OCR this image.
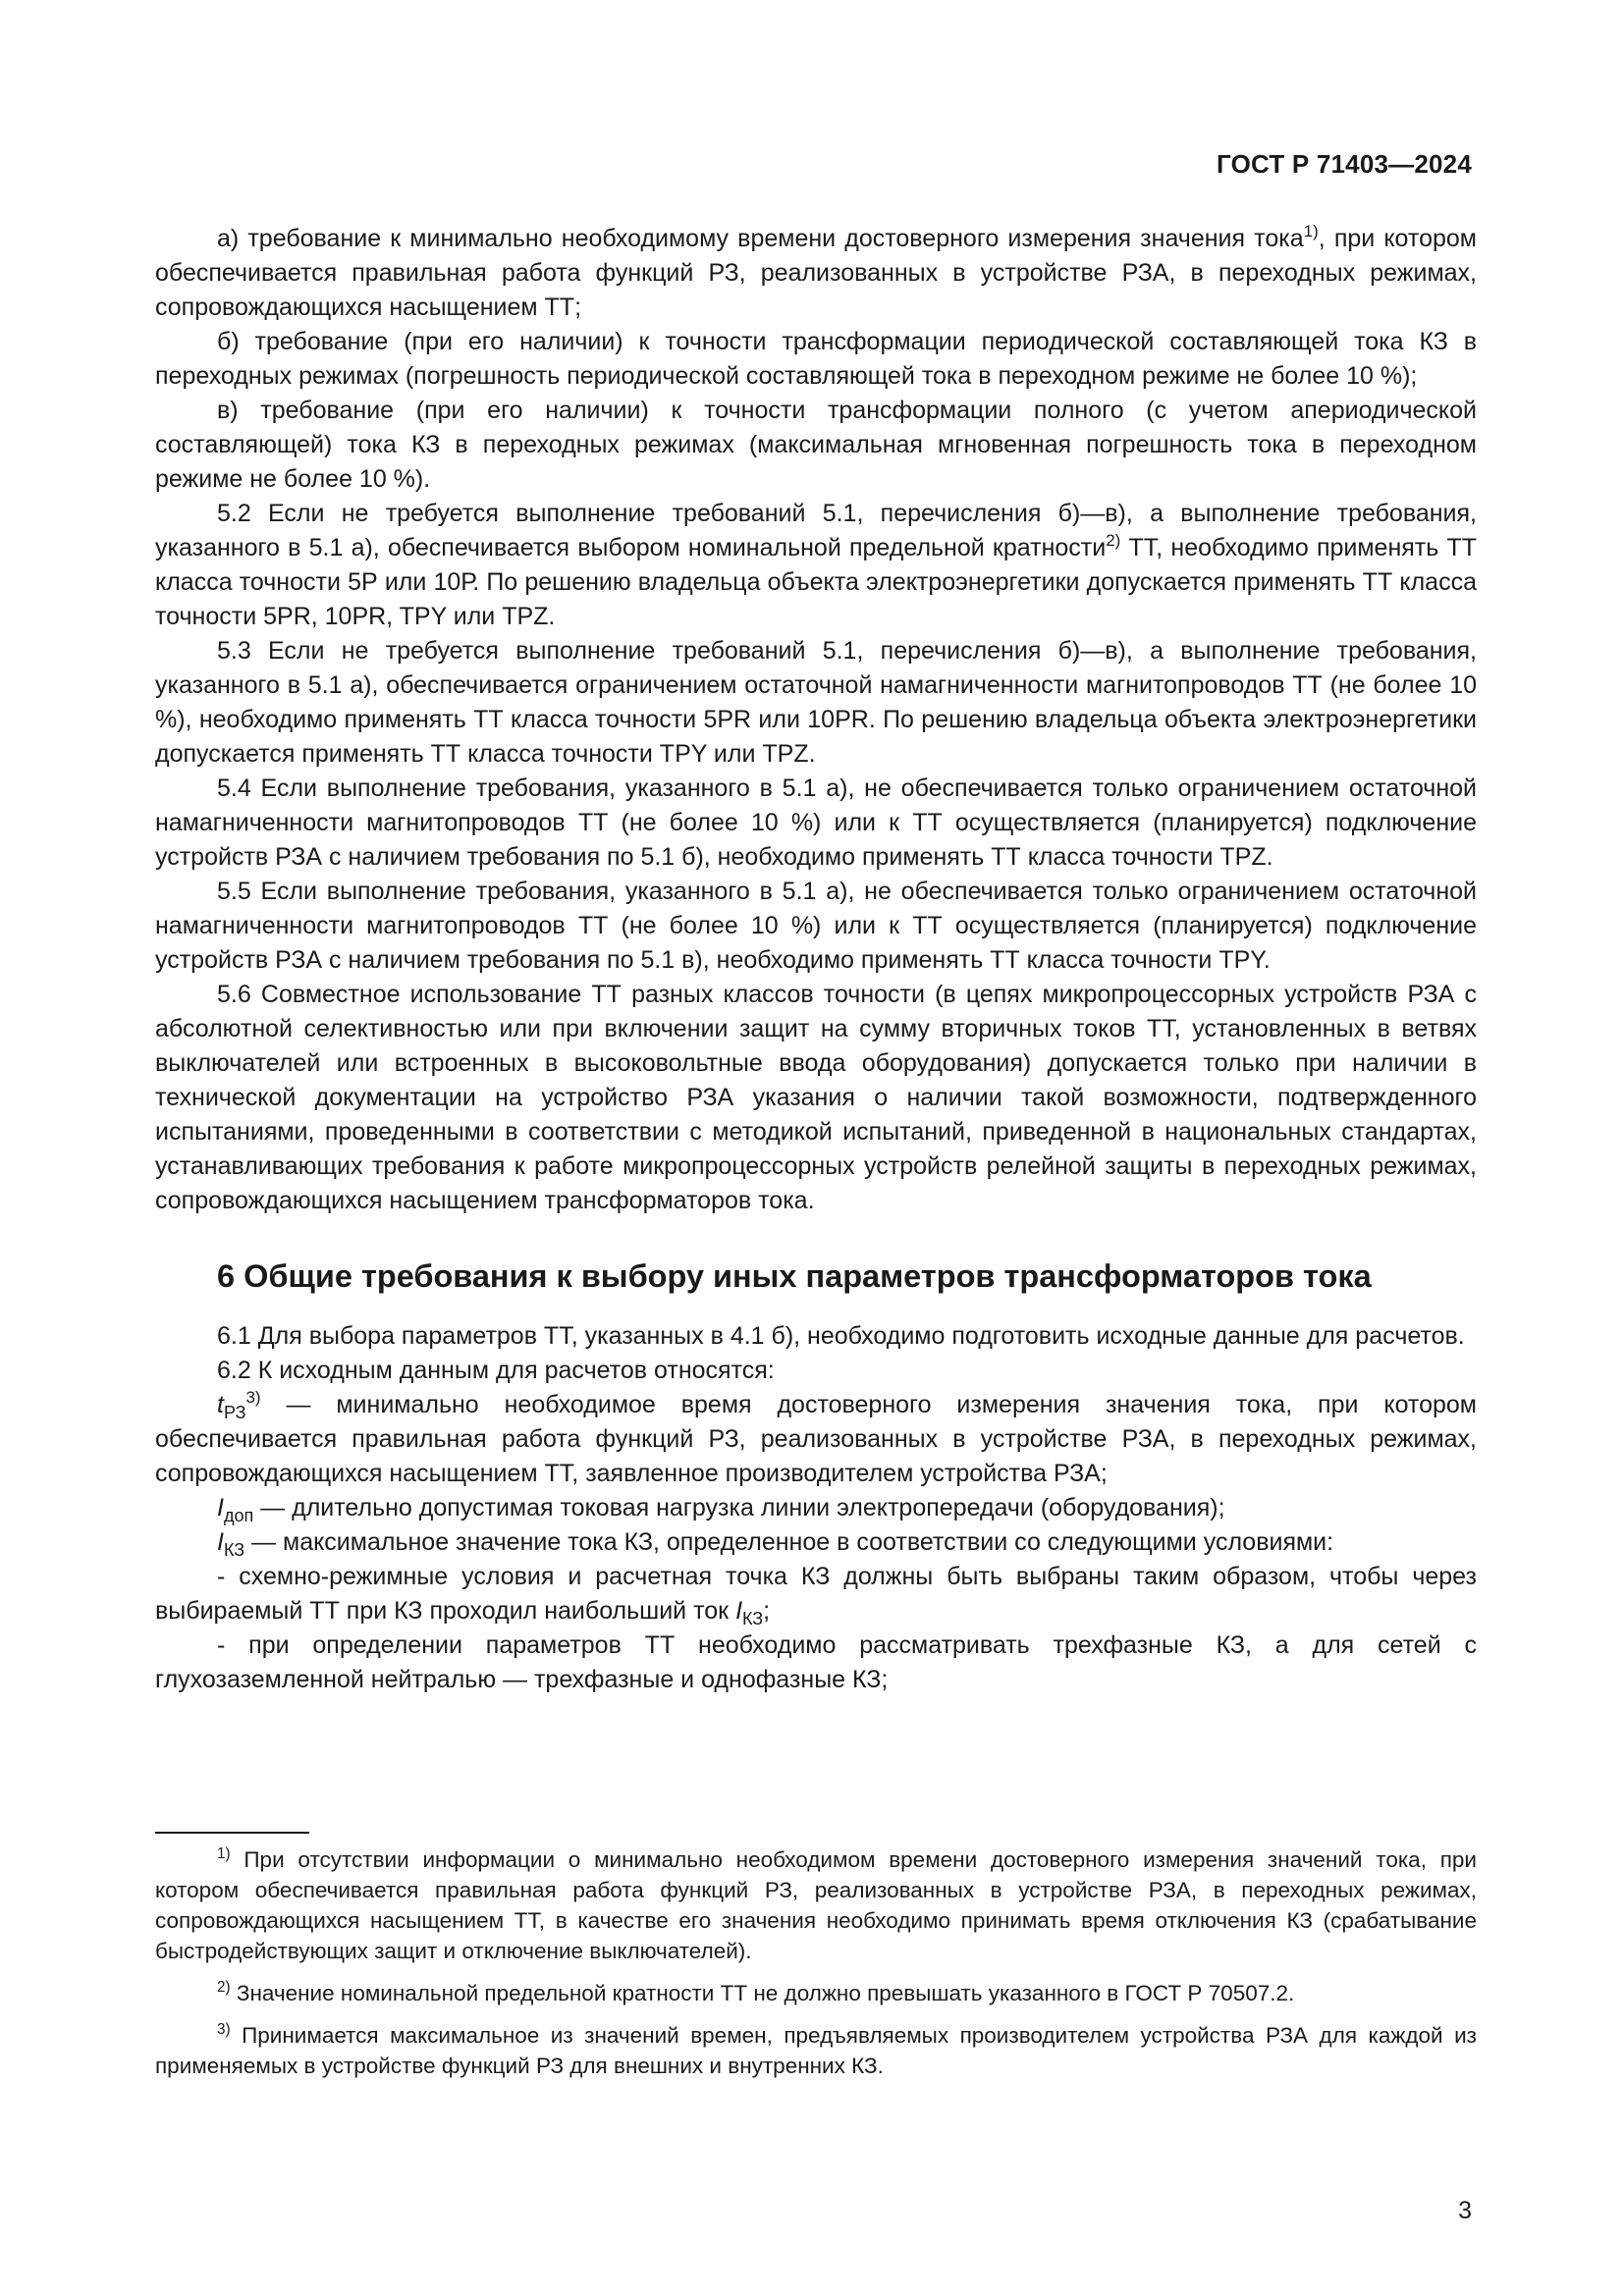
ГОСТ Р 71403—2024

а) требование к минимально необходимому времени достоверного измерения значения тока$^{1)}$, при котором обеспечивается правильная работа функций РЗ, реализованных в устройстве РЗА, в переходных режимах, сопровождающихся насыщением ТТ;

б) требование (при его наличии) к точности трансформации периодической составляющей тока КЗ в переходных режимах (погрешность периодической составляющей тока в переходном режиме не более 10 %);

в) требование (при его наличии) к точности трансформации полного (с учетом апериодической составляющей) тока КЗ в переходных режимах (максимальная мгновенная погрешность тока в переходном режиме не более 10 %).

5.2 Если не требуется выполнение требований 5.1, перечисления б)—в), а выполнение требования, указанного в 5.1 а), обеспечивается выбором номинальной предельной кратности$^{2)}$ ТТ, необходимо применять ТТ класса точности 5Р или 10Р. По решению владельца объекта электроэнергетики допускается применять ТТ класса точности 5PR, 10PR, TPY или TPZ.

5.3 Если не требуется выполнение требований 5.1, перечисления б)—в), а выполнение требования, указанного в 5.1 а), обеспечивается ограничением остаточной намагниченности магнитопроводов ТТ (не более 10 %), необходимо применять ТТ класса точности 5PR или 10PR. По решению владельца объекта электроэнергетики допускается применять ТТ класса точности TPY или TPZ.

5.4 Если выполнение требования, указанного в 5.1 а), не обеспечивается только ограничением остаточной намагниченности магнитопроводов ТТ (не более 10 %) или к ТТ осуществляется (планируется) подключение устройств РЗА с наличием требования по 5.1 б), необходимо применять ТТ класса точности TPZ.

5.5 Если выполнение требования, указанного в 5.1 а), не обеспечивается только ограничением остаточной намагниченности магнитопроводов ТТ (не более 10 %) или к ТТ осуществляется (планируется) подключение устройств РЗА с наличием требования по 5.1 в), необходимо применять ТТ класса точности TPY.

5.6 Совместное использование ТТ разных классов точности (в цепях микропроцессорных устройств РЗА с абсолютной селективностью или при включении защит на сумму вторичных токов ТТ, установленных в ветвях выключателей или встроенных в высоковольтные ввода оборудования) допускается только при наличии в технической документации на устройство РЗА указания о наличии такой возможности, подтвержденного испытаниями, проведенными в соответствии с методикой испытаний, приведенной в национальных стандартах, устанавливающих требования к работе микропроцессорных устройств релейной защиты в переходных режимах, сопровождающихся насыщением трансформаторов тока.

6 Общие требования к выбору иных параметров трансформаторов тока

6.1 Для выбора параметров ТТ, указанных в 4.1 б), необходимо подготовить исходные данные для расчетов.

6.2 К исходным данным для расчетов относятся:

$t_{РЗ}^{3)}$ — минимально необходимое время достоверного измерения значения тока, при котором обеспечивается правильная работа функций РЗ, реализованных в устройстве РЗА, в переходных режимах, сопровождающихся насыщением ТТ, заявленное производителем устройства РЗА;

$I_{доп}$ — длительно допустимая токовая нагрузка линии электропередачи (оборудования);

$I_{КЗ}$ — максимальное значение тока КЗ, определенное в соответствии со следующими условиями:

- схемно-режимные условия и расчетная точка КЗ должны быть выбраны таким образом, чтобы через выбираемый ТТ при КЗ проходил наибольший ток $I_{КЗ}$;

- при определении параметров ТТ необходимо рассматривать трехфазные КЗ, а для сетей с глухозаземленной нейтралью — трехфазные и однофазные КЗ;

$^{1)}$ При отсутствии информации о минимально необходимом времени достоверного измерения значений тока, при котором обеспечивается правильная работа функций РЗ, реализованных в устройстве РЗА, в переходных режимах, сопровождающихся насыщением ТТ, в качестве его значения необходимо принимать время отключения КЗ (срабатывание быстродействующих защит и отключение выключателей).

$^{2)}$ Значение номинальной предельной кратности ТТ не должно превышать указанного в ГОСТ Р 70507.2.

$^{3)}$ Принимается максимальное из значений времен, предъявляемых производителем устройства РЗА для каждой из применяемых в устройстве функций РЗ для внешних и внутренних КЗ.

3
